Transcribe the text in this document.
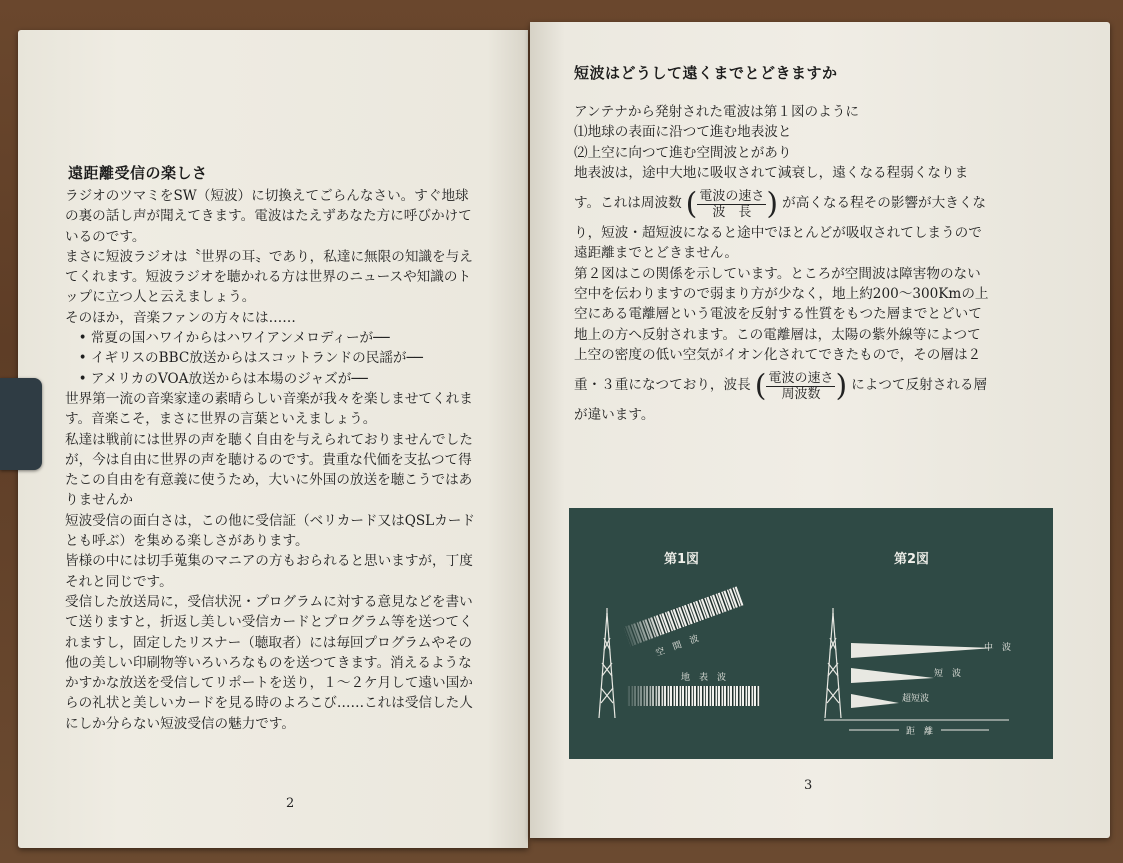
遠距離受信の楽しさ
ラジオのツマミをSW（短波）に切換えてごらんなさい。すぐ地球
の裏の話し声が聞えてきます。電波はたえずあなた方に呼びかけて
いるのです。
まさに短波ラジオは〝世界の耳〟であり，私達に無限の知識を与え
てくれます。短波ラジオを聴かれる方は世界のニュースや知識のト
ップに立つ人と云えましょう。
そのほか，音楽ファンの方々には……
　• 常夏の国ハワイからはハワイアンメロディーが──
　• イギリスのBBC放送からはスコットランドの民謡が──
　• アメリカのVOA放送からは本場のジャズが──
世界第一流の音楽家達の素晴らしい音楽が我々を楽しませてくれま
す。音楽こそ，まさに世界の言葉といえましょう。
私達は戦前には世界の声を聴く自由を与えられておりませんでした
が，今は自由に世界の声を聴けるのです。貴重な代価を支払つて得
たこの自由を有意義に使うため，大いに外国の放送を聴こうではあ
りませんか
短波受信の面白さは，この他に受信証（ベリカード又はQSLカード
とも呼ぶ）を集める楽しさがあります。
皆様の中には切手蒐集のマニアの方もおられると思いますが，丁度
それと同じです。
受信した放送局に，受信状況・プログラムに対する意見などを書い
て送りますと，折返し美しい受信カードとプログラム等を送つてく
れますし，固定したリスナー（聴取者）には毎回プログラムやその
他の美しい印刷物等いろいろなものを送つてきます。消えるような
かすかな放送を受信してリポートを送り，１～２ケ月して遠い国か
らの礼状と美しいカードを見る時のよろこび……これは受信した人
にしか分らない短波受信の魅力です。
2
短波はどうして遠くまでとどきますか
アンテナから発射された電波は第１図のように
⑴地球の表面に沿つて進む地表波と
⑵上空に向つて進む空間波とがあり
地表波は，途中大地に吸収されて減衰し，遠くなる程弱くなりま
す。これは周波数 ( $\frac{\text{電波の速さ}}{\text{波　長}}$ ) が高くなる程その影響が大きくな
り，短波・超短波になると途中でほとんどが吸収されてしまうので
遠距離までとどきません。
第２図はこの関係を示しています。ところが空間波は障害物のない
空中を伝わりますので弱まり方が少なく，地上約200～300Kmの上
空にある電離層という電波を反射する性質をもつた層までとどいて
地上の方へ反射されます。この電離層は，太陽の紫外線等によつて
上空の密度の低い空気がイオン化されてできたもので，その層は２
重・３重になつており，波長 ( $\frac{\text{電波の速さ}}{\text{周波数}}$ ) によつて反射される層
が違います。
第1図	第2図
空　間　波
地　表　波
中　波
短　波
超短波
距　離
3
